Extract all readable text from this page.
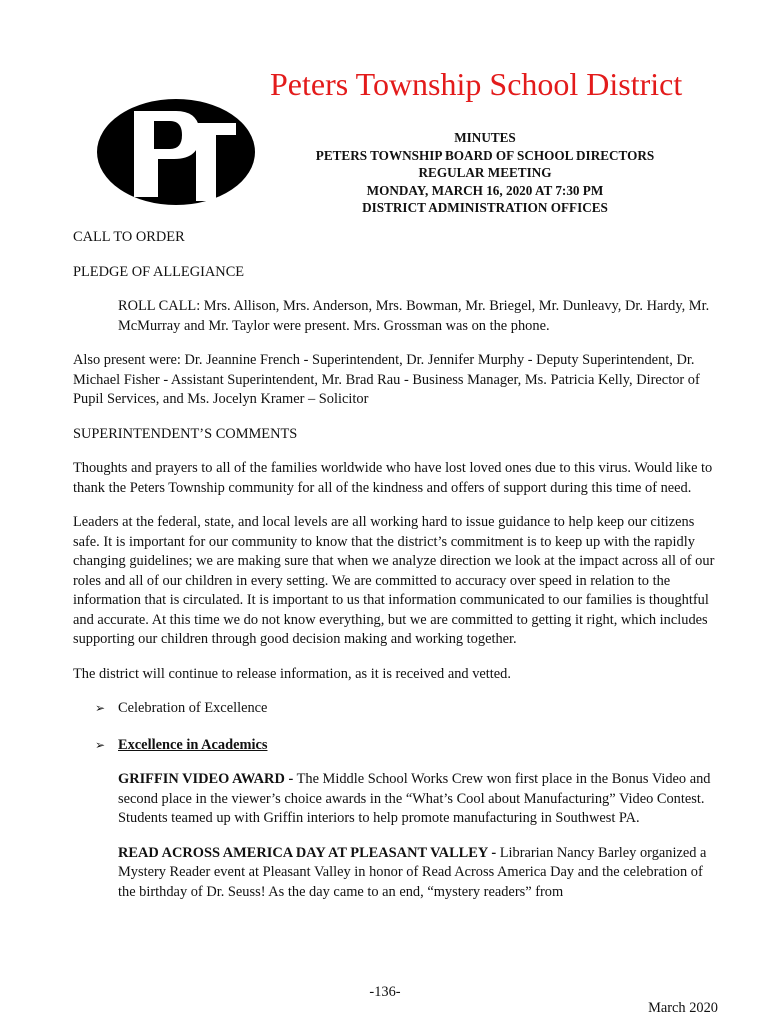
Peters Township School District
MINUTES
PETERS TOWNSHIP BOARD OF SCHOOL DIRECTORS
REGULAR MEETING
MONDAY, MARCH 16, 2020 AT 7:30 PM
DISTRICT ADMINISTRATION OFFICES

CALL TO ORDER

PLEDGE OF ALLEGIANCE

ROLL CALL: Mrs. Allison, Mrs. Anderson, Mrs. Bowman, Mr. Briegel, Mr. Dunleavy, Dr. Hardy, Mr. McMurray and Mr. Taylor were present. Mrs. Grossman was on the phone.

Also present were: Dr. Jeannine French - Superintendent, Dr. Jennifer Murphy - Deputy Superintendent, Dr. Michael Fisher - Assistant Superintendent, Mr. Brad Rau - Business Manager, Ms. Patricia Kelly, Director of Pupil Services, and Ms. Jocelyn Kramer – Solicitor

SUPERINTENDENT’S COMMENTS

Thoughts and prayers to all of the families worldwide who have lost loved ones due to this virus. Would like to thank the Peters Township community for all of the kindness and offers of support during this time of need.

Leaders at the federal, state, and local levels are all working hard to issue guidance to help keep our citizens safe. It is important for our community to know that the district’s commitment is to keep up with the rapidly changing guidelines; we are making sure that when we analyze direction we look at the impact across all of our roles and all of our children in every setting. We are committed to accuracy over speed in relation to the information that is circulated. It is important to us that information communicated to our families is thoughtful and accurate. At this time we do not know everything, but we are committed to getting it right, which includes supporting our children through good decision making and working together.

The district will continue to release information, as it is received and vetted.

➢ Celebration of Excellence
➢ Excellence in Academics

GRIFFIN VIDEO AWARD - The Middle School Works Crew won first place in the Bonus Video and second place in the viewer’s choice awards in the “What’s Cool about Manufacturing” Video Contest. Students teamed up with Griffin interiors to help promote manufacturing in Southwest PA.

READ ACROSS AMERICA DAY AT PLEASANT VALLEY - Librarian Nancy Barley organized a Mystery Reader event at Pleasant Valley in honor of Read Across America Day and the celebration of the birthday of Dr. Seuss! As the day came to an end, “mystery readers” from

-136-
March 2020
